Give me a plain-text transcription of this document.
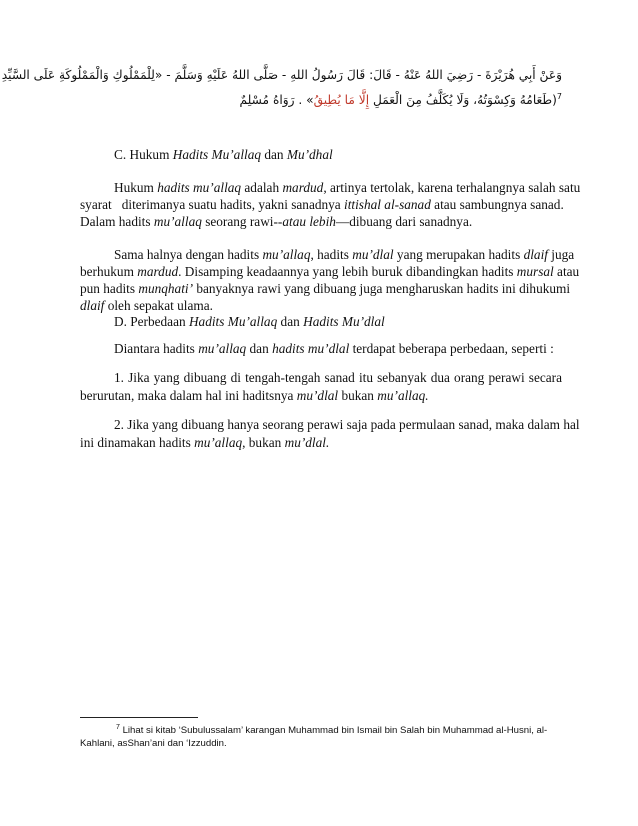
وَعَنْ أَبِي هُرَيْرَةَ - رَضِيَ اللهُ عَنْهُ - قَالَ: قَالَ رَسُولُ اللهِ - صَلَّى اللهُ عَلَيْهِ وَسَلَّمَ - «لِلْمَمْلُوكِ وَالْمَمْلُوكَةِ عَلَى السَّيِّدِ
$^7$(طَعَامُهُ وَكِسْوَتُهُ، وَلَا يُكَلَّفُ مِنَ الْعَمَلِ إِلَّا مَا يُطِيقُ» . رَوَاهُ مُسْلِمٌ
C. Hukum Hadits Mu’allaq dan Mu’dhal
Hukum hadits mu’allaq adalah mardud, artinya tertolak, karena terhalangnya salah satu
syarat   diterimanya suatu hadits, yakni sanadnya ittishal al-sanad atau sambungnya sanad.
Dalam hadits mu’allaq seorang rawi--atau lebih—dibuang dari sanadnya.
Sama halnya dengan hadits mu’allaq, hadits mu’dlal yang merupakan hadits dlaif juga
berhukum mardud. Disamping keadaannya yang lebih buruk dibandingkan hadits mursal atau
pun hadits munqhati’ banyaknya rawi yang dibuang juga mengharuskan hadits ini dihukumi
dlaif oleh sepakat ulama.
D. Perbedaan Hadits Mu’allaq dan Hadits Mu’dlal
Diantara hadits mu’allaq dan hadits mu’dlal terdapat beberapa perbedaan, seperti :
1. Jika yang dibuang di tengah-tengah sanad itu sebanyak dua orang perawi secara
berurutan, maka dalam hal ini haditsnya mu’dlal bukan mu’allaq.
2. Jika yang dibuang hanya seorang perawi saja pada permulaan sanad, maka dalam hal
ini dinamakan hadits mu’allaq, bukan mu’dlal.
$^7$ Lihat si kitab ‘Subulussalam’ karangan Muhammad bin Ismail bin Salah bin Muhammad al-Husni, al-
Kahlani, asShan’ani dan ‘Izzuddin.
